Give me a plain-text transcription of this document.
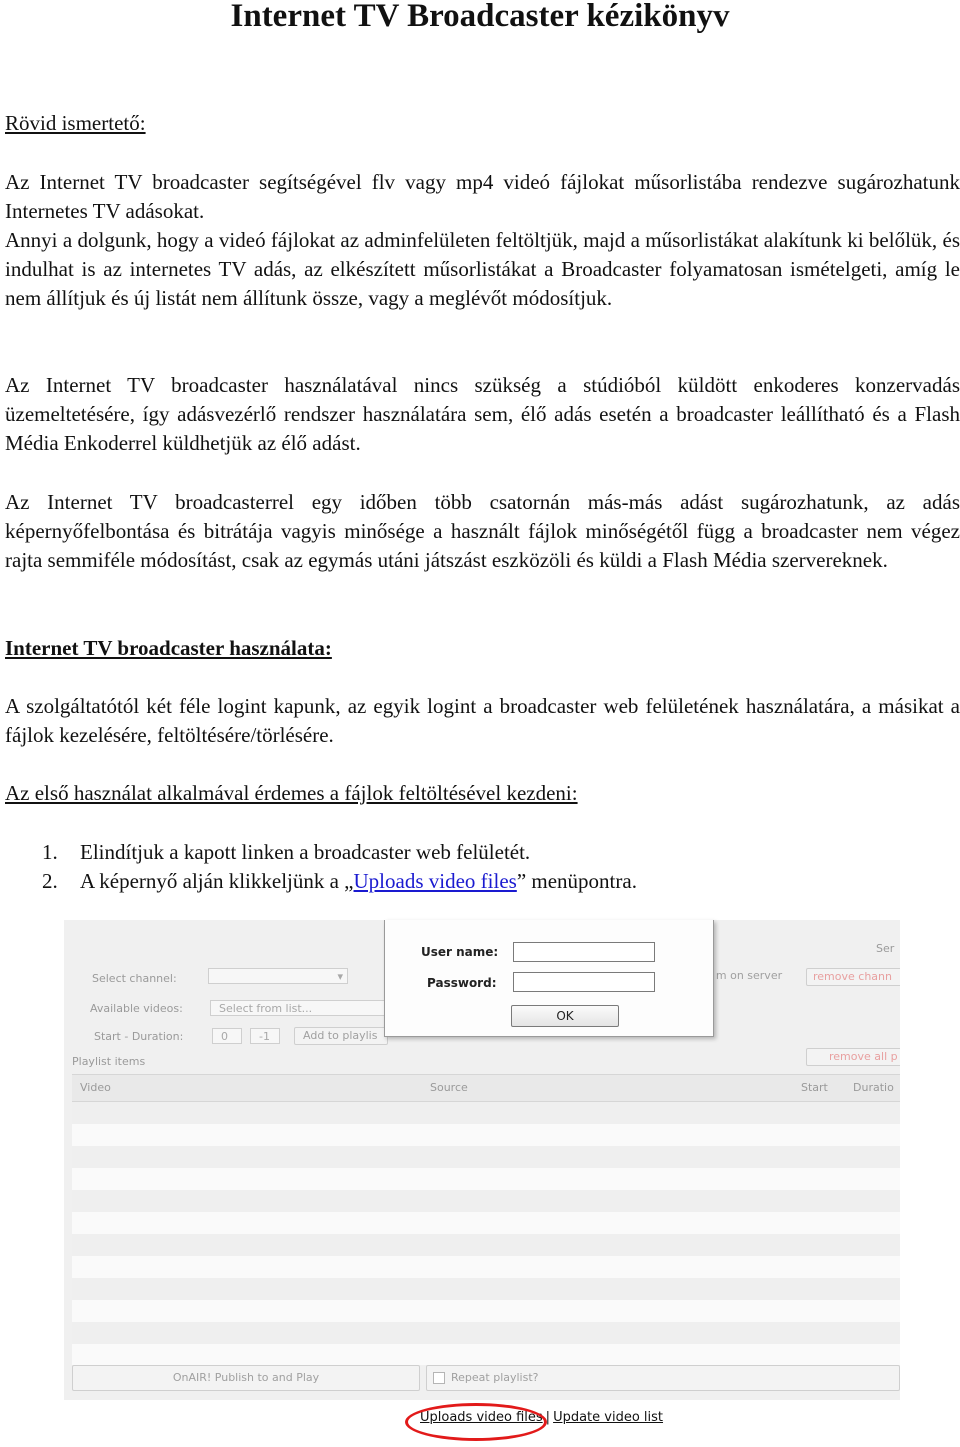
Internet TV Broadcaster kézikönyv

Rövid ismertető:

Az Internet TV broadcaster segítségével flv vagy mp4 videó fájlokat műsorlistába rendezve sugározhatunk Internetes TV adásokat.

Annyi a dolgunk, hogy a videó fájlokat az adminfelületen feltöltjük, majd a műsorlistákat alakítunk ki belőlük, és indulhat is az internetes TV adás, az elkészített műsorlistákat a Broadcaster folyamatosan ismételgeti, amíg le nem állítjuk és új listát nem állítunk össze, vagy a meglévőt módosítjuk.

Az Internet TV broadcaster használatával nincs szükség a stúdióból küldött enkoderes konzervadás üzemeltetésére, így adásvezérlő rendszer használatára sem, élő adás esetén a broadcaster leállítható és a Flash Média Enkoderrel küldhetjük az élő adást.

Az Internet TV broadcasterrel egy időben több csatornán más-más adást sugározhatunk, az adás képernyőfelbontása és bitrátája vagyis minősége a használt fájlok minőségétől függ a broadcaster nem végez rajta semmiféle módosítást, csak az egymás utáni játszást eszközöli és küldi a Flash Média szervereknek.

Internet TV broadcaster használata:

A szolgáltatótól két féle logint kapunk, az egyik logint a broadcaster web felületének használatára, a másikat a fájlok kezelésére, feltöltésére/törlésére.

Az első használat alkalmával érdemes a fájlok feltöltésével kezdeni:

1.	Elindítjuk a kapott linken a broadcaster web felületét.
2.	A képernyő alján klikkeljünk a „Uploads video files” menüpontra.
Select channel:	▾
Available videos:	Select from list...
Start - Duration:	0	-1	Add to playlis
Playlist items
Ser
m on server	remove chann
remove all p
Video	Source	Start Duratio
OnAIR! Publish to and Play	Repeat playlist?
User name:
Password:
OK
Uploads video files | Update video list
